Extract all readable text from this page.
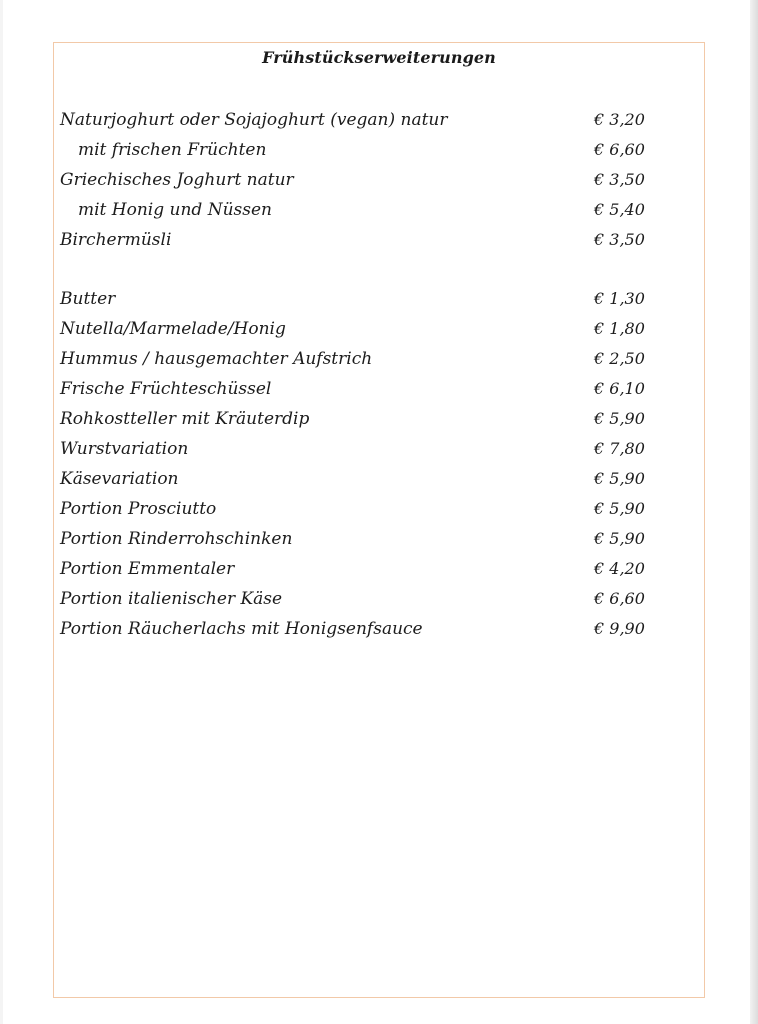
Frühstückserweiterungen
Naturjoghurt oder Sojajoghurt (vegan) natur	€ 3,20
mit frischen Früchten	€ 6,60
Griechisches Joghurt natur	€ 3,50
mit Honig und Nüssen	€ 5,40
Birchermüsli	€ 3,50
Butter	€ 1,30
Nutella/Marmelade/Honig	€ 1,80
Hummus / hausgemachter Aufstrich	€ 2,50
Frische Früchteschüssel	€ 6,10
Rohkostteller mit Kräuterdip	€ 5,90
Wurstvariation	€ 7,80
Käsevariation	€ 5,90
Portion Prosciutto	€ 5,90
Portion Rinderrohschinken	€ 5,90
Portion Emmentaler	€ 4,20
Portion italienischer Käse	€ 6,60
Portion Räucherlachs mit Honigsenfsauce	€ 9,90
